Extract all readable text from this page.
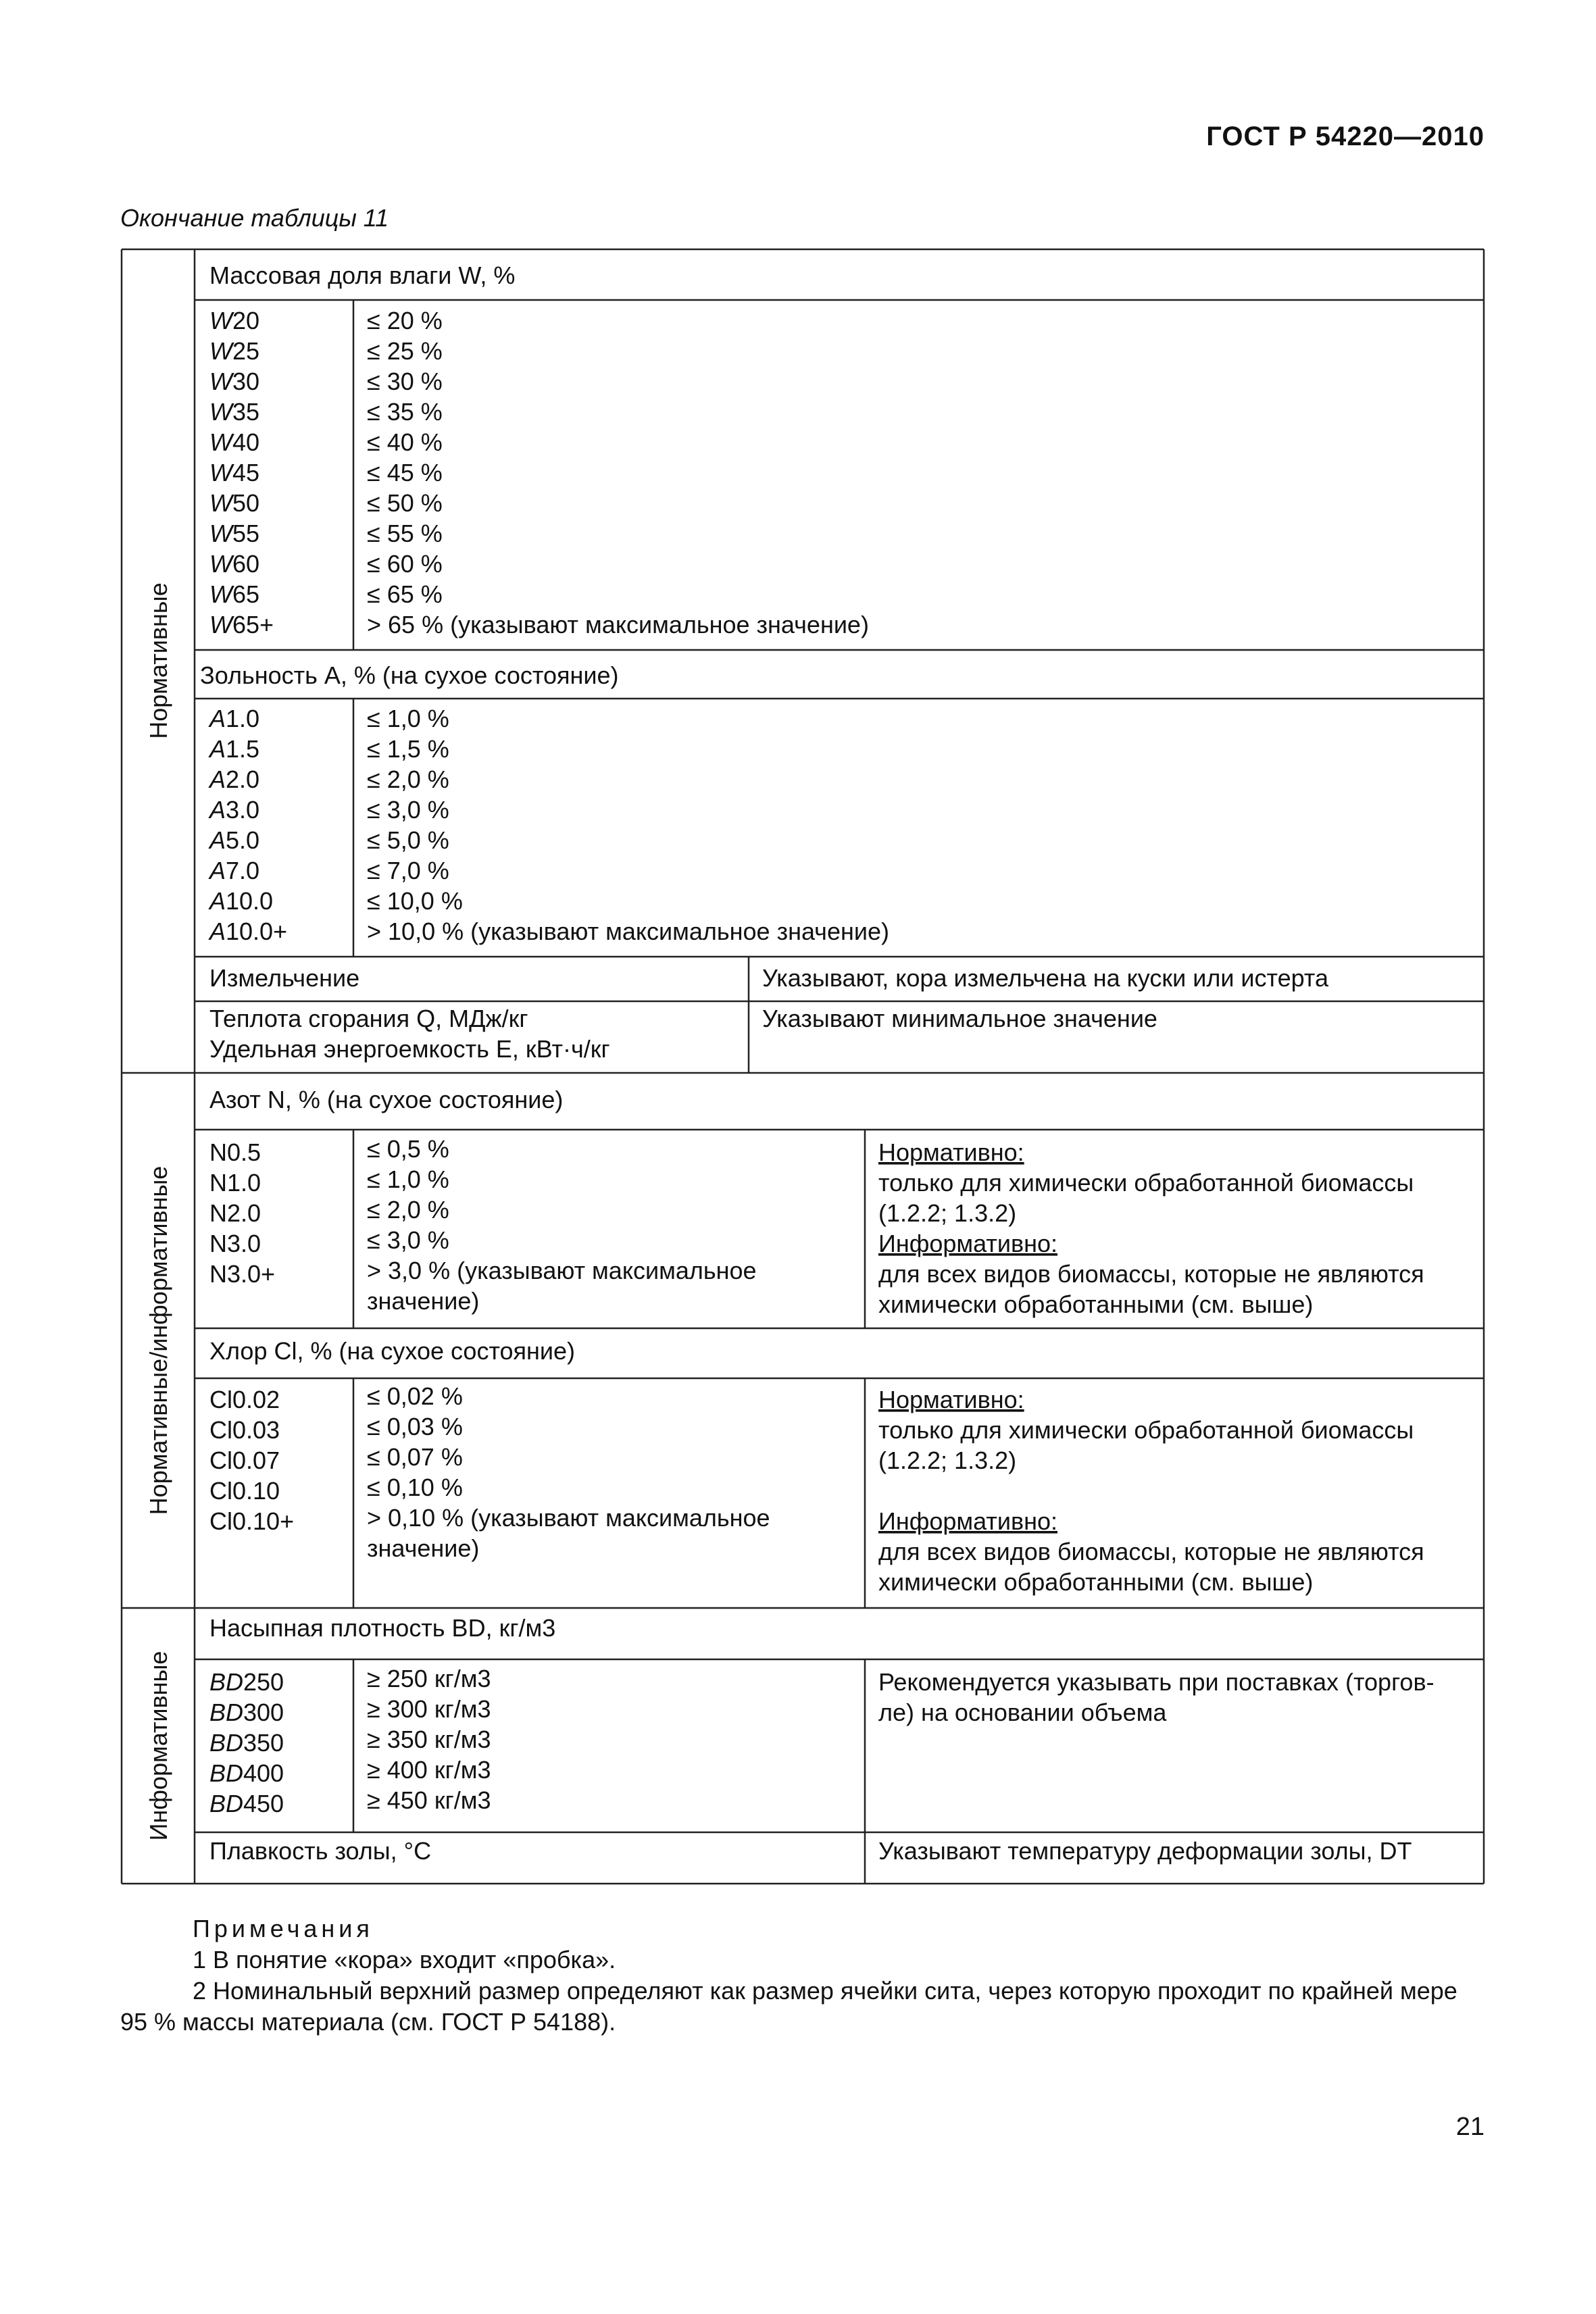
ГОСТ Р 54220—2010
Окончание таблицы 11
Нормативные
Нормативные/информативные
Информативные
Массовая доля влаги W, %
W20
W25
W30
W35
W40
W45
W50
W55
W60
W65
W65+
≤ 20 %
≤ 25 %
≤ 30 %
≤ 35 %
≤ 40 %
≤ 45 %
≤ 50 %
≤ 55 %
≤ 60 %
≤ 65 %
> 65 % (указывают максимальное значение)
Зольность A, % (на сухое состояние)
A1.0
A1.5
A2.0
A3.0
A5.0
A7.0
A10.0
A10.0+
≤ 1,0 %
≤ 1,5 %
≤ 2,0 %
≤ 3,0 %
≤ 5,0 %
≤ 7,0 %
≤ 10,0 %
> 10,0 % (указывают максимальное значение)
Измельчение	Указывают, кора измельчена на куски или истерта
Теплота сгорания Q, МДж/кг
Удельная энергоемкость E, кВт·ч/кг
Указывают минимальное значение
Азот N, % (на сухое состояние)
N0.5
N1.0
N2.0
N3.0
N3.0+
≤ 0,5 %
≤ 1,0 %
≤ 2,0 %
≤ 3,0 %
> 3,0 % (указывают максимальное
значение)
Нормативно:
только для химически обработанной биомассы
(1.2.2; 1.3.2)
Информативно:
для всех видов биомассы, которые не являются
химически обработанными (см. выше)
Хлор Cl, % (на сухое состояние)
Cl0.02
Cl0.03
Cl0.07
Cl0.10
Cl0.10+
≤ 0,02 %
≤ 0,03 %
≤ 0,07 %
≤ 0,10 %
> 0,10 % (указывают максимальное
значение)
Нормативно:
только для химически обработанной биомассы
(1.2.2; 1.3.2)
Информативно:
для всех видов биомассы, которые не являются
химически обработанными (см. выше)
Насыпная плотность BD, кг/м3
BD250
BD300
BD350
BD400
BD450
≥ 250 кг/м3
≥ 300 кг/м3
≥ 350 кг/м3
≥ 400 кг/м3
≥ 450 кг/м3
Рекомендуется указывать при поставках (торгов-
ле) на основании объема
Плавкость золы, °C	Указывают температуру деформации золы, DT
Примечания
1 В понятие «кора» входит «пробка».
2 Номинальный верхний размер определяют как размер ячейки сита, через которую проходит по крайней мере 95 % массы материала (см. ГОСТ Р 54188).
21
